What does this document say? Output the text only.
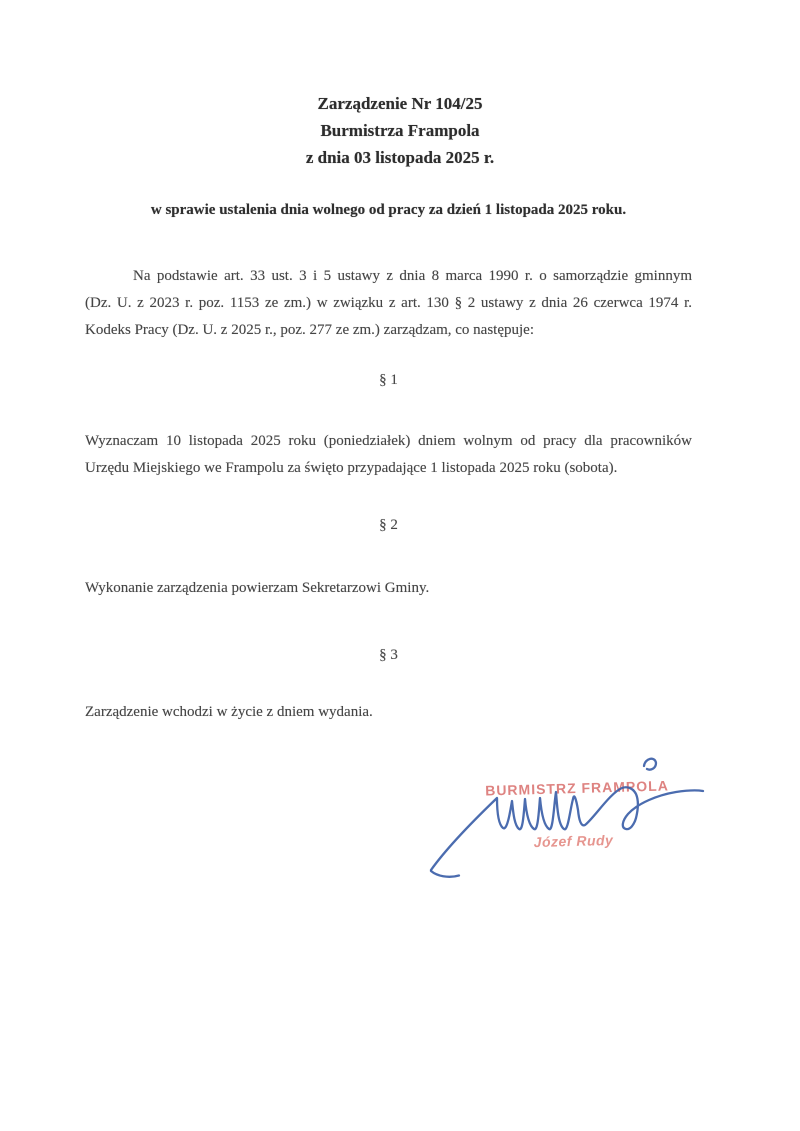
Zarządzenie Nr 104/25
Burmistrza Frampola
z dnia 03 listopada 2025 r.
w sprawie ustalenia dnia wolnego od pracy za dzień 1 listopada 2025 roku.
Na podstawie art. 33 ust. 3 i 5 ustawy z dnia 8 marca 1990 r. o samorządzie gminnym
(Dz. U. z 2023 r. poz. 1153 ze zm.) w związku z art. 130 § 2 ustawy z dnia 26 czerwca 1974 r.
Kodeks Pracy (Dz. U. z 2025 r., poz. 277 ze zm.) zarządzam, co następuje:
§ 1
Wyznaczam 10 listopada 2025 roku (poniedziałek) dniem wolnym od pracy dla pracowników
Urzędu Miejskiego we Frampolu za święto przypadające 1 listopada 2025 roku (sobota).
§ 2
Wykonanie zarządzenia powierzam Sekretarzowi Gminy.
§ 3
Zarządzenie wchodzi w życie z dniem wydania.
BURMISTRZ FRAMPOLA
Józef Rudy
